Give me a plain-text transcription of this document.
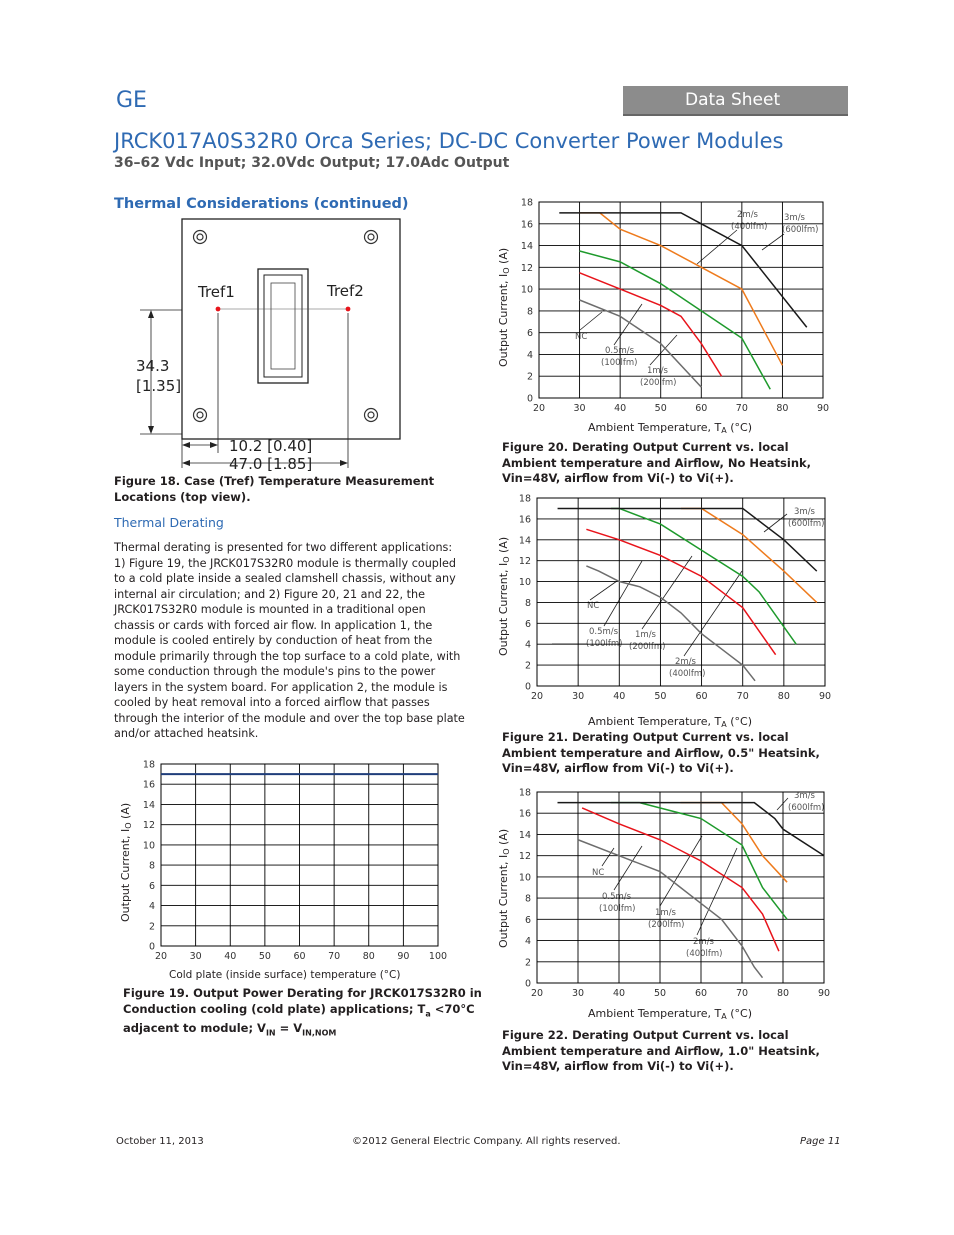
GE	Data Sheet
JRCK017A0S32R0 Orca Series; DC-DC Converter Power Modules
36–62 Vdc Input; 32.0Vdc Output; 17.0Adc Output
Thermal Considerations (continued)
Tref1	Tref2
34.3
[1.35]
10.2 [0.40]
47.0 [1.85]
Figure 18. Case (Tref) Temperature Measurement Locations (top view).
Thermal Derating
Thermal derating is presented for two different applications: 1) Figure 19, the JRCK017S32R0 module is thermally coupled to a cold plate inside a sealed clamshell chassis, without any internal air circulation; and 2) Figure 20, 21 and 22, the JRCK017S32R0 module is mounted in a traditional open chassis or cards with forced air flow. In application 1, the module is cooled entirely by conduction of heat from the module primarily through the top surface to a cold plate, with some conduction through the module's pins to the power layers in the system board. For application 2, the module is cooled by heat removal into a forced airflow that passes through the interior of the module and over the top base plate and/or attached heatsink.
Output Current, IO (A)
Cold plate (inside surface) temperature (°C)
0
2
4
6
8
10
12
14
16
18
20 30 40 50 60 70 80 90 100
Figure 19. Output Power Derating for JRCK017S32R0 in
Conduction cooling (cold plate) applications; $T_a <70^\circ C$
adjacent to module; $V_{IN} = V_{IN,NOM}$
2m/s
(400lfm)
3m/s
(600lfm)
NC
0.5m/s
(100lfm)
1m/s
(200lfm)
0
2
4
6
8
10
12
14
16
18
20	30	40	50	60	70	80	90
Output Current, IO (A)
Ambient Temperature, TA (°C)
Figure 20. Derating Output Current vs. local Ambient temperature and Airflow, No Heatsink, Vin=48V, airflow from Vi(-) to Vi(+).
3m/s
(600lfm)
NC
0.5m/s
(100lfm)
1m/s
(200lfm)
2m/s
(400lfm)
0
2
4
6
8
10
12
14
16
18
20	30	40	50	60	70	80	90
Output Current, IO (A)
Ambient Temperature, TA (°C)
Figure 21. Derating Output Current vs. local Ambient temperature and Airflow, 0.5" Heatsink, Vin=48V, airflow from Vi(-) to Vi(+).
3m/s
(600lfm)
NC
0.5m/s
(100lfm) 1m/s
(200lfm)
2m/s
(400lfm)
0
2
4
6
8
10
12
14
16
18
20	30	40	50	60	70	80	90
Output Current, IO (A)
Ambient Temperature, TA (°C)
Figure 22. Derating Output Current vs. local Ambient temperature and Airflow, 1.0" Heatsink, Vin=48V, airflow from Vi(-) to Vi(+).
October 11, 2013	©2012 General Electric Company. All rights reserved.	Page 11
